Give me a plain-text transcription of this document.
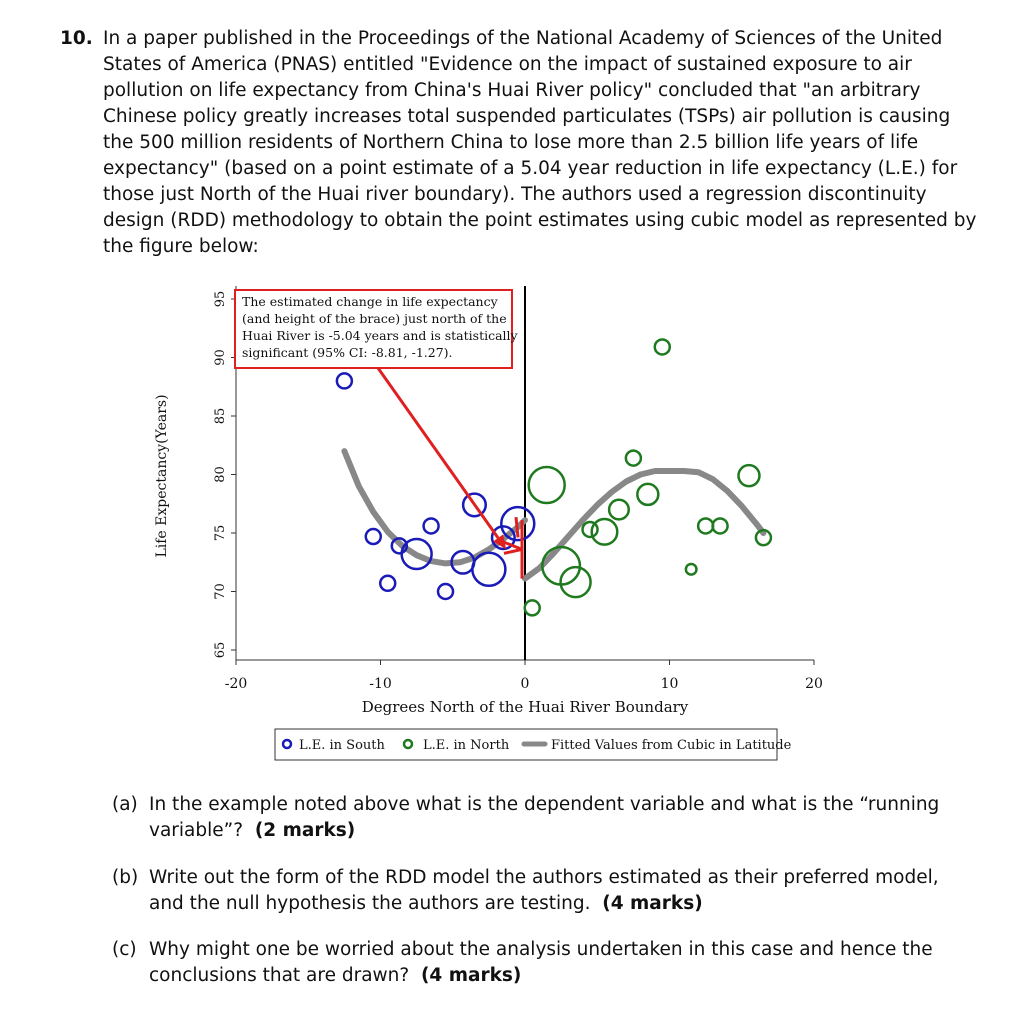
10. In a paper published in the Proceedings of the National Academy of Sciences of the United
States of America (PNAS) entitled "Evidence on the impact of sustained exposure to air
pollution on life expectancy from China's Huai River policy" concluded that "an arbitrary
Chinese policy greatly increases total suspended particulates (TSPs) air pollution is causing
the 500 million residents of Northern China to lose more than 2.5 billion life years of life
expectancy" (based on a point estimate of a 5.04 year reduction in life expectancy (L.E.) for
those just North of the Huai river boundary). The authors used a regression discontinuity
design (RDD) methodology to obtain the point estimates using cubic model as represented by
the figure below:
65
70
75
80
85
90
95
-20	-10	0	10	20
Life Expectancy(Years)
Degrees North of the Huai River Boundary
The estimated change in life expectancy (and height of the brace) just north of the Huai River is -5.04 years and is statistically significant (95% CI: -8.81, -1.27).
L.E. in South	L.E. in North	Fitted Values from Cubic in Latitude
(a) In the example noted above what is the dependent variable and what is the “running
variable”? (2 marks)
(b) Write out the form of the RDD model the authors estimated as their preferred model,
and the null hypothesis the authors are testing. (4 marks)
(c) Why might one be worried about the analysis undertaken in this case and hence the
conclusions that are drawn? (4 marks)
